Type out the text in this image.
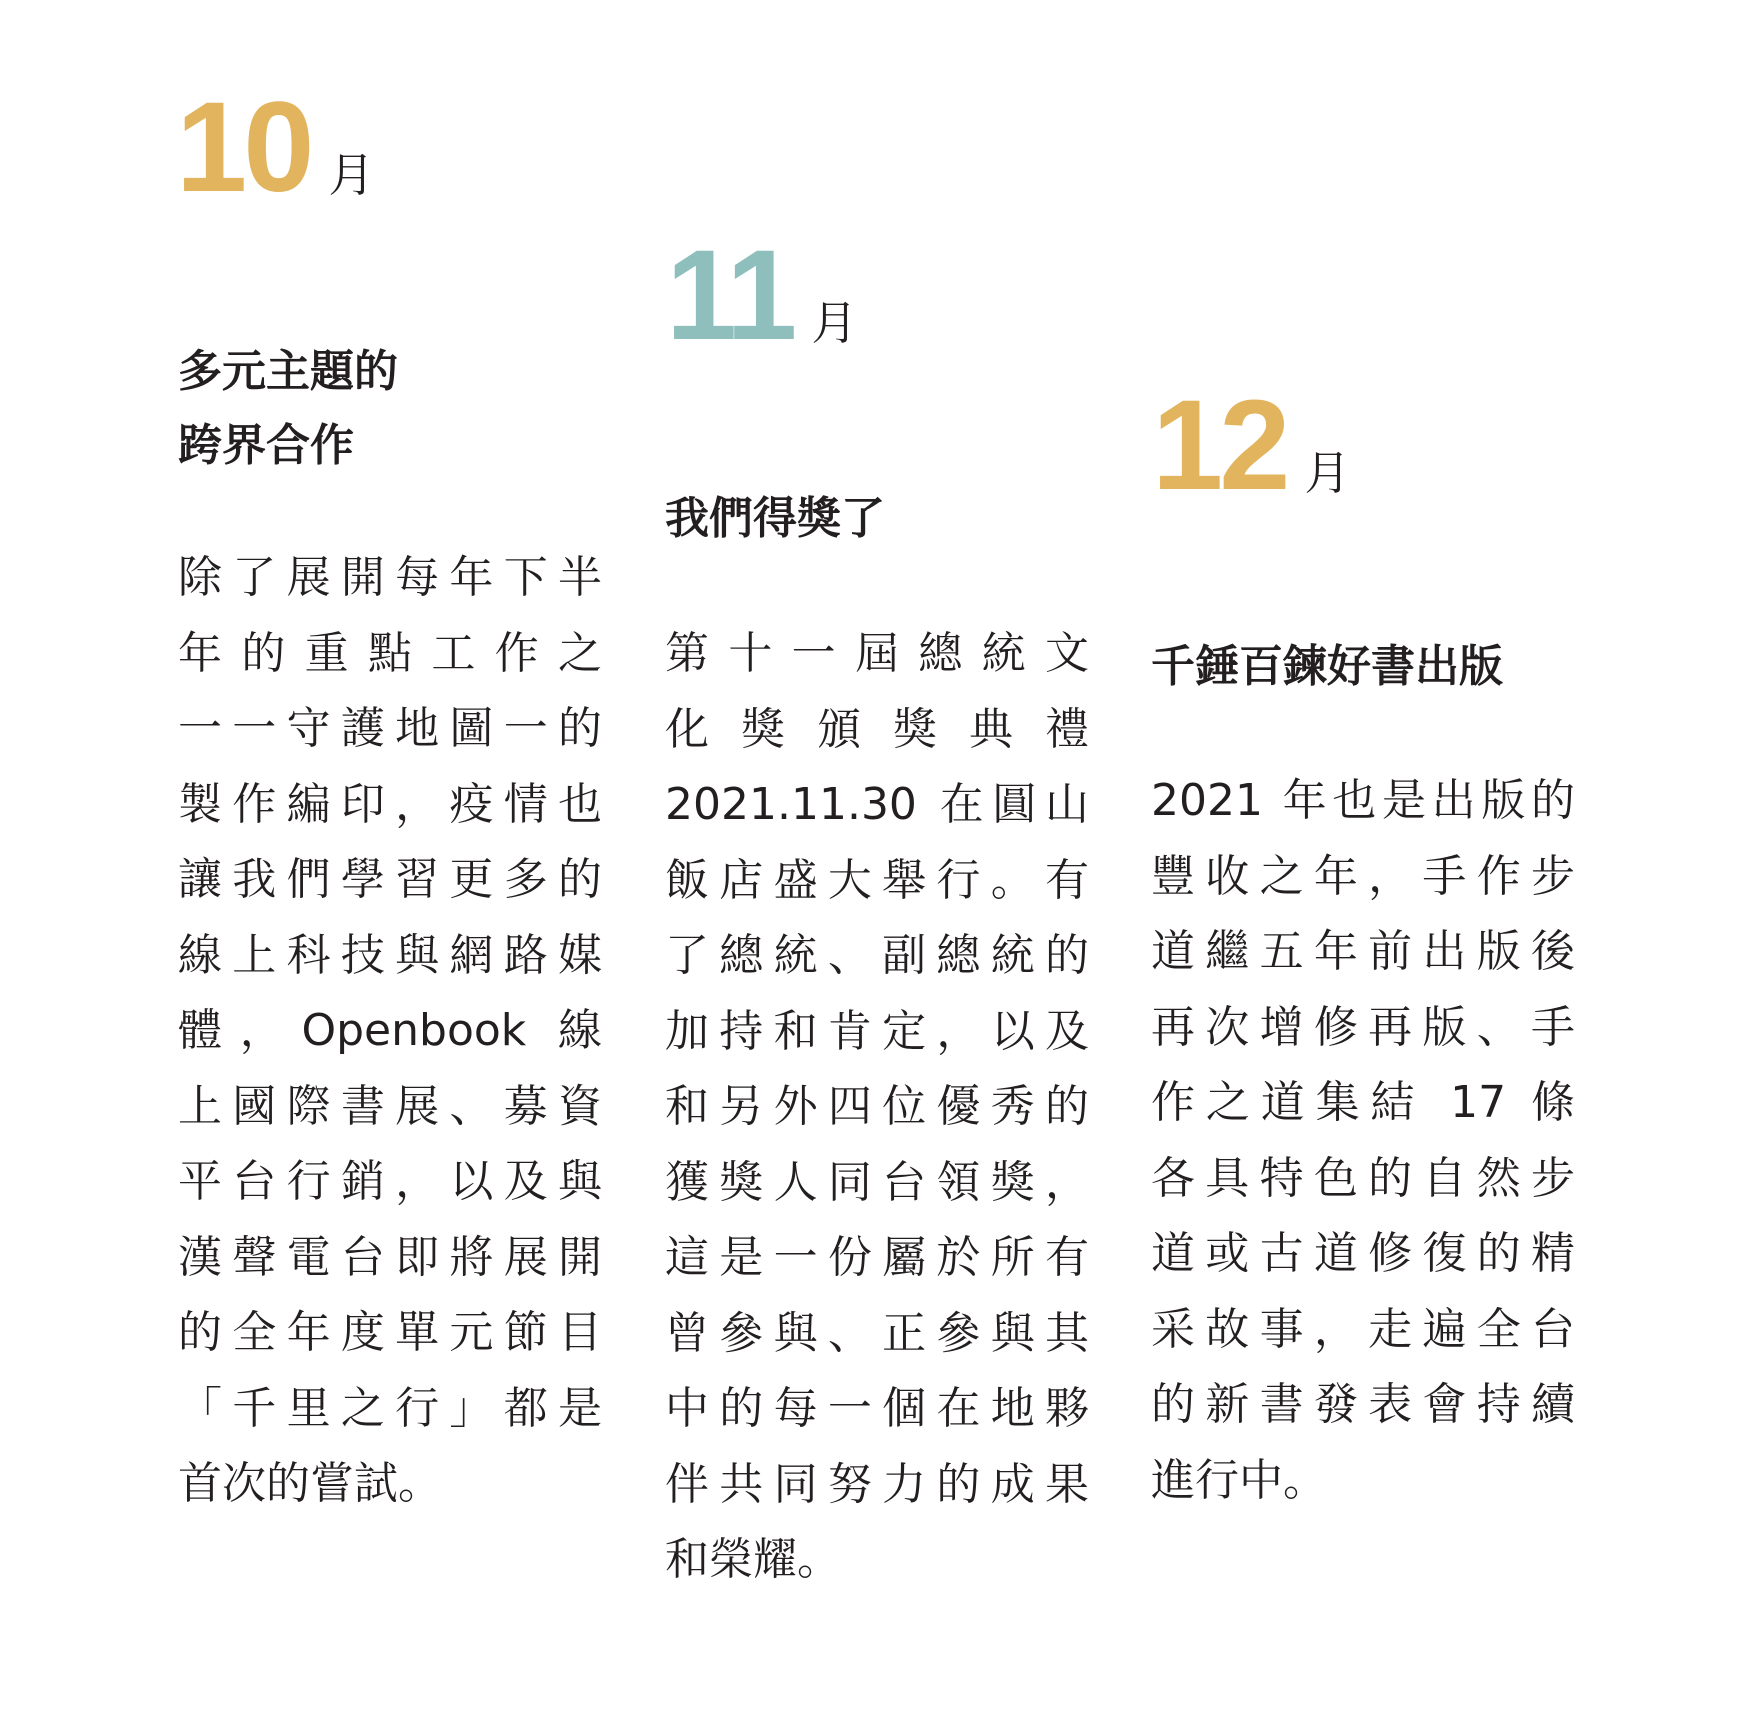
10 月
多元主題的
跨界合作
除了展開每年下半
年的重點工作之
一一守護地圖一的
製作編印，疫情也
讓我們學習更多的
線上科技與網路媒
體，Openbook 線
上國際書展、募資
平台行銷，以及與
漢聲電台即將展開
的全年度單元節目
「千里之行」都是
首次的嘗試。
11 月
我們得獎了
第十一屆總統文
化獎頒獎典禮
2021.11.30 在圓山
飯店盛大舉行。有
了總統、副總統的
加持和肯定，以及
和另外四位優秀的
獲獎人同台領獎，
這是一份屬於所有
曾參與、正參與其
中的每一個在地夥
伴共同努力的成果
和榮耀。
12 月
千錘百鍊好書出版
2021 年也是出版的
豐收之年，手作步
道繼五年前出版後
再次增修再版、手
作之道集結 17 條
各具特色的自然步
道或古道修復的精
采故事，走遍全台
的新書發表會持續
進行中。
